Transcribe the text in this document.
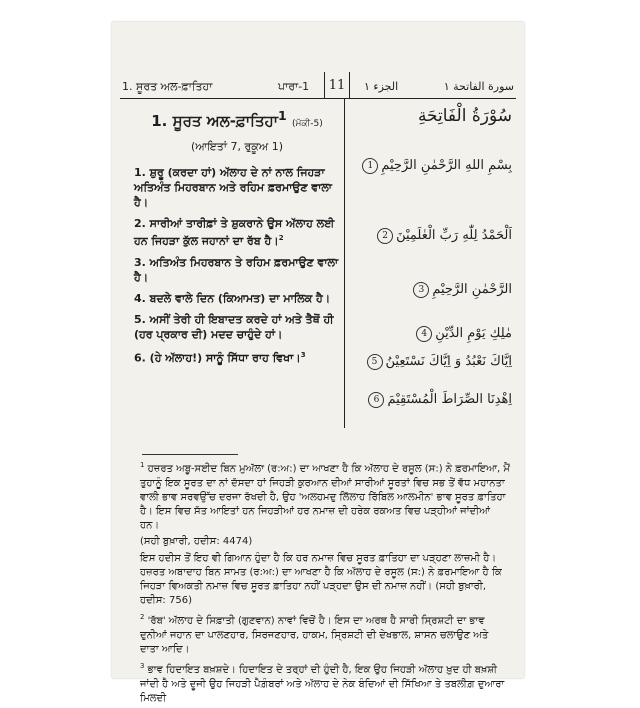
1. ਸੂਰਤ ਅਲ-ਫ਼ਾਤਿਹਾ	ਪਾਰਾ-1	الجزء ١	سورة الفاتحة ١
11
1. ਸੂਰਤ ਅਲ-ਫ਼ਾਤਿਹਾ$^1$ (ਮੱਕੀ-5)
(ਆਇਤਾਂ 7, ਰੁਕੂਅ 1)
1. ਸ਼ੁਰੂ (ਕਰਦਾ ਹਾਂ) ਅੱਲਾਹ ਦੇ ਨਾਂ ਨਾਲ ਜਿਹੜਾ ਅਤਿਅੰਤ ਮਿਹਰਬਾਨ ਅਤੇ ਰਹਿਮ ਫ਼ਰਮਾਉਣ ਵਾਲਾ ਹੈ।
2. ਸਾਰੀਆਂ ਤਾਰੀਫ਼ਾਂ ਤੇ ਸ਼ੁਕਰਾਨੇ ਉਸ ਅੱਲਾਹ ਲਈ ਹਨ ਜਿਹੜਾ ਕੁੱਲ ਜਹਾਨਾਂ ਦਾ ਰੱਬ ਹੈ।$^2$
3. ਅਤਿਅੰਤ ਮਿਹਰਬਾਨ ਤੇ ਰਹਿਮ ਫ਼ਰਮਾਉਣ ਵਾਲਾ ਹੈ।
4. ਬਦਲੇ ਵਾਲੇ ਦਿਨ (ਕਿਆਮਤ) ਦਾ ਮਾਲਿਕ ਹੈ।
5. ਅਸੀਂ ਤੇਰੀ ਹੀ ਇਬਾਦਤ ਕਰਦੇ ਹਾਂ ਅਤੇ ਤੈਥੋਂ ਹੀ (ਹਰ ਪ੍ਰਕਾਰ ਦੀ) ਮਦਦ ਚਾਹੁੰਦੇ ਹਾਂ।
6. (ਹੇ ਅੱਲਾਹ!) ਸਾਨੂੰ ਸਿੱਧਾ ਰਾਹ ਵਿਖਾ।$^3$
سُوْرَةُ الْفَاتِحَةِ
بِسْمِ اللهِ الرَّحْمٰنِ الرَّحِيْمِ1
اَلْحَمْدُ لِلّٰهِ رَبِّ الْعٰلَمِيْنَ2
الرَّحْمٰنِ الرَّحِيْمِ3
مٰلِكِ يَوْمِ الدِّيْنِ4
اِيَّاكَ نَعْبُدُ وَ اِيَّاكَ نَسْتَعِيْنُ5
اِهْدِنَا الصِّرَاطَ الْمُسْتَقِيْمَ6
$^1$ ਹਜ਼ਰਤ ਅਬੂ-ਸਈਦ ਬਿਨ ਮੁਅੱਲਾ (ਰ:ਅ:) ਦਾ ਆਖਣਾ ਹੈ ਕਿ ਅੱਲਾਹ ਦੇ ਰਸੂਲ (ਸ:) ਨੇ ਫ਼ਰਮਾਇਆ, ਮੈਂ ਤੁਹਾਨੂੰ ਇਕ ਸੂਰਤ ਦਾ ਨਾਂ ਦੱਸਦਾ ਹਾਂ ਜਿਹੜੀ ਕੁਰਆਨ ਦੀਆਂ ਸਾਰੀਆਂ ਸੂਰਤਾਂ ਵਿਚ ਸਭ ਤੋਂ ਵੱਧ ਮਹਾਨਤਾ ਵਾਲੀ ਭਾਵ ਸਰਵਉੱਚ ਦਰਜਾ ਰੱਖਦੀ ਹੈ, ਉਹ 'ਅਲਹਮਦੁ ਲਿੱਲਾਹ ਰਿੱਬਿਲ ਆਲਮੀਨ' ਭਾਵ ਸੂਰਤ ਫ਼ਾਤਿਹਾ ਹੈ। ਇਸ ਵਿਚ ਸੱਤ ਆਇਤਾਂ ਹਨ ਜਿਹੜੀਆਂ ਹਰ ਨਮਾਜ਼ ਦੀ ਹਰੇਕ ਰਕਅਤ ਵਿਚ ਪੜ੍ਹੀਆਂ ਜਾਂਦੀਆਂ ਹਨ।
(ਸਹੀ ਬੁਖ਼ਾਰੀ, ਹਦੀਸ: 4474)
ਇਸ ਹਦੀਸ ਤੋਂ ਇਹ ਵੀ ਗਿਆਨ ਹੁੰਦਾ ਹੈ ਕਿ ਹਰ ਨਮਾਜ਼ ਵਿਚ ਸੂਰਤ ਫ਼ਾਤਿਹਾ ਦਾ ਪੜ੍ਹਣਾ ਲਾਜ਼ਮੀ ਹੈ। ਹਜ਼ਰਤ ਅਬਾਦਾਹ ਬਿਨ ਸਾਮਤ (ਰ:ਅ:) ਦਾ ਆਖਣਾ ਹੈ ਕਿ ਅੱਲਾਹ ਦੇ ਰਸੂਲ (ਸ:) ਨੇ ਫ਼ਰਮਾਇਆ ਹੈ ਕਿ ਜਿਹੜਾ ਵਿਅਕਤੀ ਨਮਾਜ਼ ਵਿਚ ਸੂਰਤ ਫ਼ਾਤਿਹਾ ਨਹੀਂ ਪੜ੍ਹਦਾ ਉਸ ਦੀ ਨਮਾਜ਼ ਨਹੀਂ। (ਸਹੀ ਬੁਖ਼ਾਰੀ, ਹਦੀਸ: 756)
$^2$ 'ਰੱਬ' ਅੱਲਾਹ ਦੇ ਸਿਫ਼ਾਤੀ (ਗੁਣਵਾਨ) ਨਾਵਾਂ ਵਿਚੋਂ ਹੈ। ਇਸ ਦਾ ਅਰਥ ਹੈ ਸਾਰੀ ਸ੍ਰਿਸ਼ਟੀ ਦਾ ਭਾਵ ਦੁਨੀਆਂ ਜਹਾਨ ਦਾ ਪਾਲਣਹਾਰ, ਸਿਰਜਣਹਾਰ, ਹਾਕਮ, ਸ੍ਰਿਸ਼ਟੀ ਦੀ ਦੇਖਭਾਲ, ਸ਼ਾਸਨ ਚਲਾਉਣ ਅਤੇ ਦਾਤਾ ਆਦਿ।
$^3$ ਭਾਵ ਹਿਦਾਇਤ ਬਖ਼ਸ਼ਦੇ। ਹਿਦਾਇਤ ਦੇ ਤਰ੍ਹਾਂ ਦੀ ਹੁੰਦੀ ਹੈ, ਇਕ ਉਹ ਜਿਹੜੀ ਅੱਲਾਹ ਖ਼ੁਦ ਹੀ ਬਖ਼ਸ਼ੀ ਜਾਂਦੀ ਹੈ ਅਤੇ ਦੂਜੀ ਉਹ ਜਿਹੜੀ ਪੈਗ਼ੰਬਰਾਂ ਅਤੇ ਅੱਲਾਹ ਦੇ ਨੇਕ ਬੰਦਿਆਂ ਦੀ ਸਿੱਖਿਆ ਤੇ ਤਬਲੀਗ਼ ਦੁਆਰਾ ਮਿਲਦੀ
